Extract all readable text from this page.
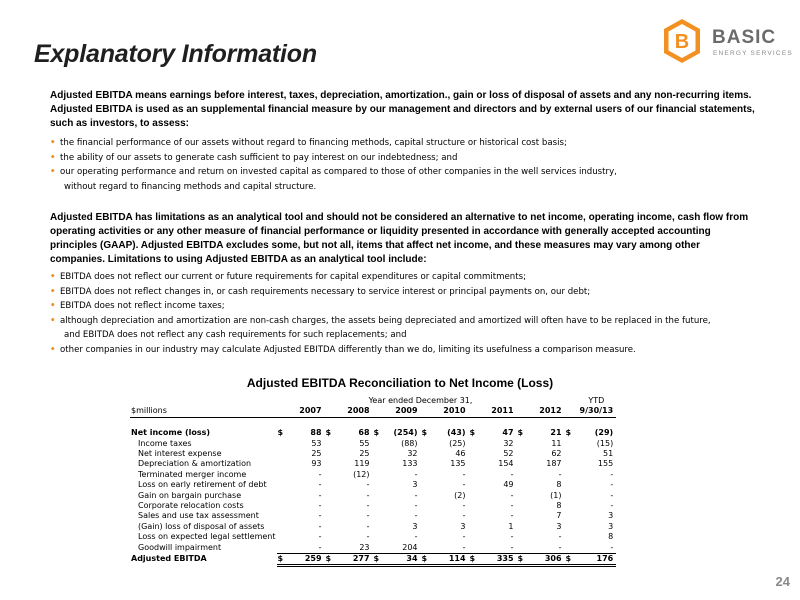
Explanatory Information	B BASIC
ENERGY SERVICES

Adjusted EBITDA means earnings before interest, taxes, depreciation, amortization., gain or loss of disposal of assets and any non-recurring items. Adjusted EBITDA is used as an supplemental financial measure by our management and directors and by external users of our financial statements, such as investors, to assess:

• the financial performance of our assets without regard to financing methods, capital structure or historical cost basis;
• the ability of our assets to generate cash sufficient to pay interest on our indebtedness; and
• our operating performance and return on invested capital as compared to those of other companies in the well services industry,
without regard to financing methods and capital structure.

Adjusted EBITDA has limitations as an analytical tool and should not be considered an alternative to net income, operating income, cash flow from operating activities or any other measure of financial performance or liquidity presented in accordance with generally accepted accounting principles (GAAP). Adjusted EBITDA excludes some, but not all, items that affect net income, and these measures may vary among other companies. Limitations to using Adjusted EBITDA as an analytical tool include:

• EBITDA does not reflect our current or future requirements for capital expenditures or capital commitments;
• EBITDA does not reflect changes in, or cash requirements necessary to service interest or principal payments on, our debt;
• EBITDA does not reflect income taxes;
• although depreciation and amortization are non-cash charges, the assets being depreciated and amortized will often have to be replaced in the future,
and EBITDA does not reflect any cash requirements for such replacements; and
• other companies in our industry may calculate Adjusted EBITDA differently than we do, limiting its usefulness a comparison measure.
Adjusted EBITDA Reconciliation to Net Income (Loss)
	Year ended December 31,													YTD
$millions		2007		2008		2009		2010		2011		2012		9/30/13

Net income (loss)	$	88	$	68	$	(254)	$	(43)	$	47	$	21	$	(29)
Income taxes		53		55		(88)		(25)		32		11		(15)
Net interest expense		25		25		32		46		52		62		51
Depreciation & amortization		93		119		133		135		154		187		155
Terminated merger income		-		(12)		-		-		-		-		-
Loss on early retirement of debt		-		-		3		-		49		8		-
Gain on bargain purchase		-		-		-		(2)		-		(1)		-
Corporate relocation costs		-		-		-		-		-		8		-
Sales and use tax assessment		-		-		-		-		-		7		3
(Gain) loss of disposal of assets		-		-		3		3		1		3		3
Loss on expected legal settlement		-		-		-		-		-		-		8
Goodwill impairment		-		23		204		-		-		-		-
Adjusted EBITDA	$	259	$	277	$	34	$	114	$	335	$	306	$	176
24
